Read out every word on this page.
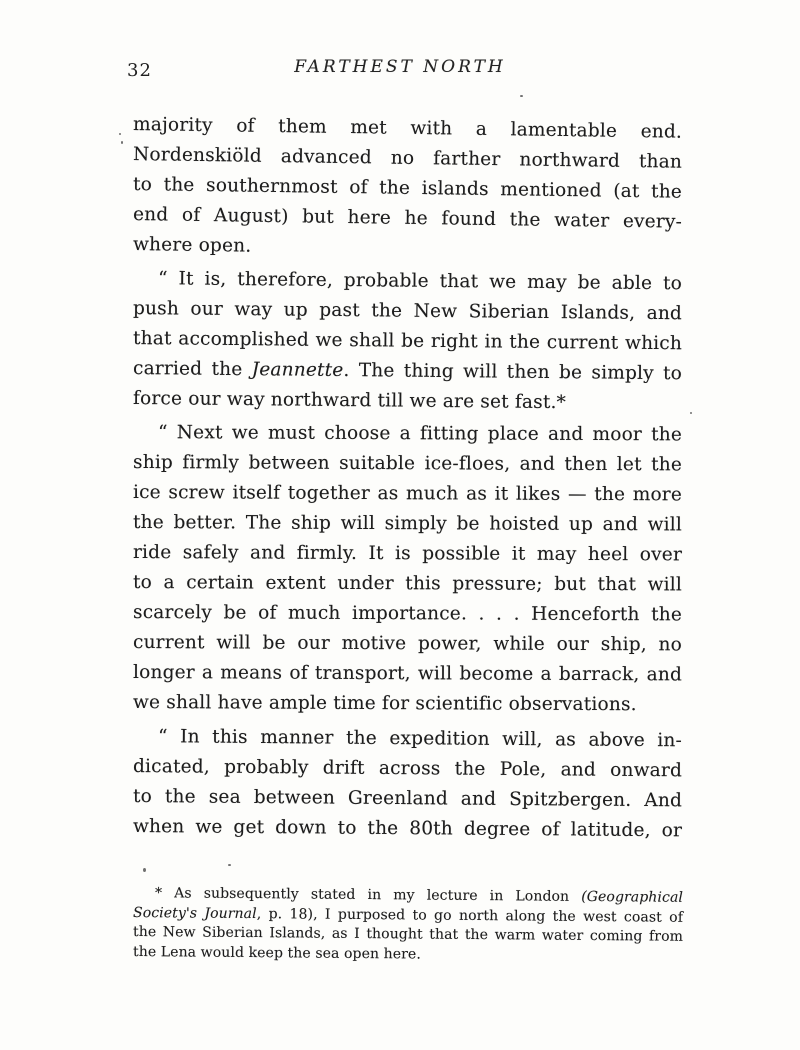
32	FARTHEST NORTH
majority of them met with a lamentable end.
Nordenskiöld advanced no farther northward than
to the southernmost of the islands mentioned (at the
end of August) but here he found the water every-
where open.
“ It is, therefore, probable that we may be able to
push our way up past the New Siberian Islands, and
that accomplished we shall be right in the current which
carried the Jeannette. The thing will then be simply to
force our way northward till we are set fast.*
“ Next we must choose a fitting place and moor the
ship firmly between suitable ice-floes, and then let the
ice screw itself together as much as it likes — the more
the better. The ship will simply be hoisted up and will
ride safely and firmly. It is possible it may heel over
to a certain extent under this pressure; but that will
scarcely be of much importance. . . . Henceforth the
current will be our motive power, while our ship, no
longer a means of transport, will become a barrack, and
we shall have ample time for scientific observations.
“ In this manner the expedition will, as above in-
dicated, probably drift across the Pole, and onward
to the sea between Greenland and Spitzbergen. And
when we get down to the 80th degree of latitude, or
* As subsequently stated in my lecture in London (Geographical
Society's Journal, p. 18), I purposed to go north along the west coast of
the New Siberian Islands, as I thought that the warm water coming from
the Lena would keep the sea open here.
